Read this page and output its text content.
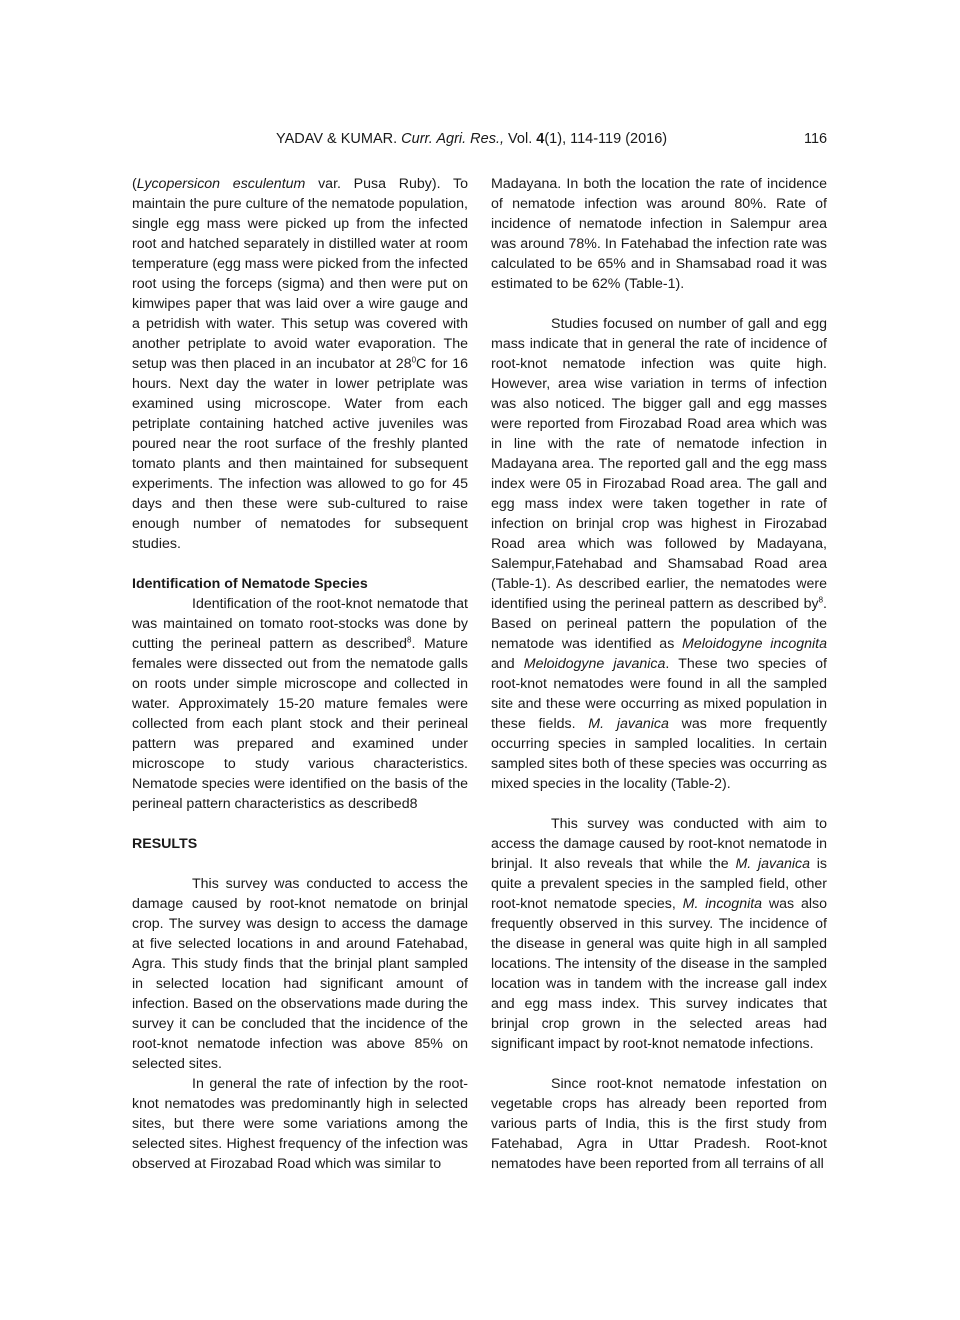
YADAV & KUMAR. Curr. Agri. Res., Vol. 4(1), 114-119 (2016)	116

(Lycopersicon esculentum var. Pusa Ruby). To maintain the pure culture of the nematode population, single egg mass were picked up from the infected root and hatched separately in distilled water at room temperature (egg mass were picked from the infected root using the forceps (sigma) and then were put on kimwipes paper that was laid over a wire gauge and a petridish with water. This setup was covered with another petriplate to avoid water evaporation. The setup was then placed in an incubator at $28^0C$ for 16 hours. Next day the water in lower petriplate was examined using microscope. Water from each petriplate containing hatched active juveniles was poured near the root surface of the freshly planted tomato plants and then maintained for subsequent experiments. The infection was allowed to go for 45 days and then these were sub-cultured to raise enough number of nematodes for subsequent studies.

Identification of Nematode Species

Identification of the root-knot nematode that was maintained on tomato root-stocks was done by cutting the perineal pattern as described$^8$. Mature females were dissected out from the nematode galls on roots under simple microscope and collected in water. Approximately 15-20 mature females were collected from each plant stock and their perineal pattern was prepared and examined under microscope to study various characteristics. Nematode species were identified on the basis of the perineal pattern characteristics as described8

RESULTS

This survey was conducted to access the damage caused by root-knot nematode on brinjal crop. The survey was design to access the damage at five selected locations in and around Fatehabad, Agra. This study finds that the brinjal plant sampled in selected location had significant amount of infection. Based on the observations made during the survey it can be concluded that the incidence of the root-knot nematode infection was above 85% on selected sites.

In general the rate of infection by the root-knot nematodes was predominantly high in selected sites, but there were some variations among the selected sites. Highest frequency of the infection was observed at Firozabad Road which was similar to

Madayana. In both the location the rate of incidence of nematode infection was around 80%. Rate of incidence of nematode infection in Salempur area was around 78%. In Fatehabad the infection rate was calculated to be 65% and in Shamsabad road it was estimated to be 62% (Table-1).

Studies focused on number of gall and egg mass indicate that in general the rate of incidence of root-knot nematode infection was quite high. However, area wise variation in terms of infection was also noticed. The bigger gall and egg masses were reported from Firozabad Road area which was in line with the rate of nematode infection in Madayana area. The reported gall and the egg mass index were 05 in Firozabad Road area. The gall and egg mass index were taken together in rate of infection on brinjal crop was highest in Firozabad Road area which was followed by Madayana, Salempur,Fatehabad and Shamsabad Road area (Table-1). As described earlier, the nematodes were identified using the perineal pattern as described $by^8$. Based on perineal pattern the population of the nematode was identified as Meloidogyne incognita and Meloidogyne javanica. These two species of root-knot nematodes were found in all the sampled site and these were occurring as mixed population in these fields. M. javanica was more frequently occurring species in sampled localities. In certain sampled sites both of these species was occurring as mixed species in the locality (Table-2).

This survey was conducted with aim to access the damage caused by root-knot nematode in brinjal. It also reveals that while the M. javanica is quite a prevalent species in the sampled field, other root-knot nematode species, M. incognita was also frequently observed in this survey. The incidence of the disease in general was quite high in all sampled locations. The intensity of the disease in the sampled location was in tandem with the increase gall index and egg mass index. This survey indicates that brinjal crop grown in the selected areas had significant impact by root-knot nematode infections.

Since root-knot nematode infestation on vegetable crops has already been reported from various parts of India, this is the first study from Fatehabad, Agra in Uttar Pradesh. Root-knot nematodes have been reported from all terrains of all
